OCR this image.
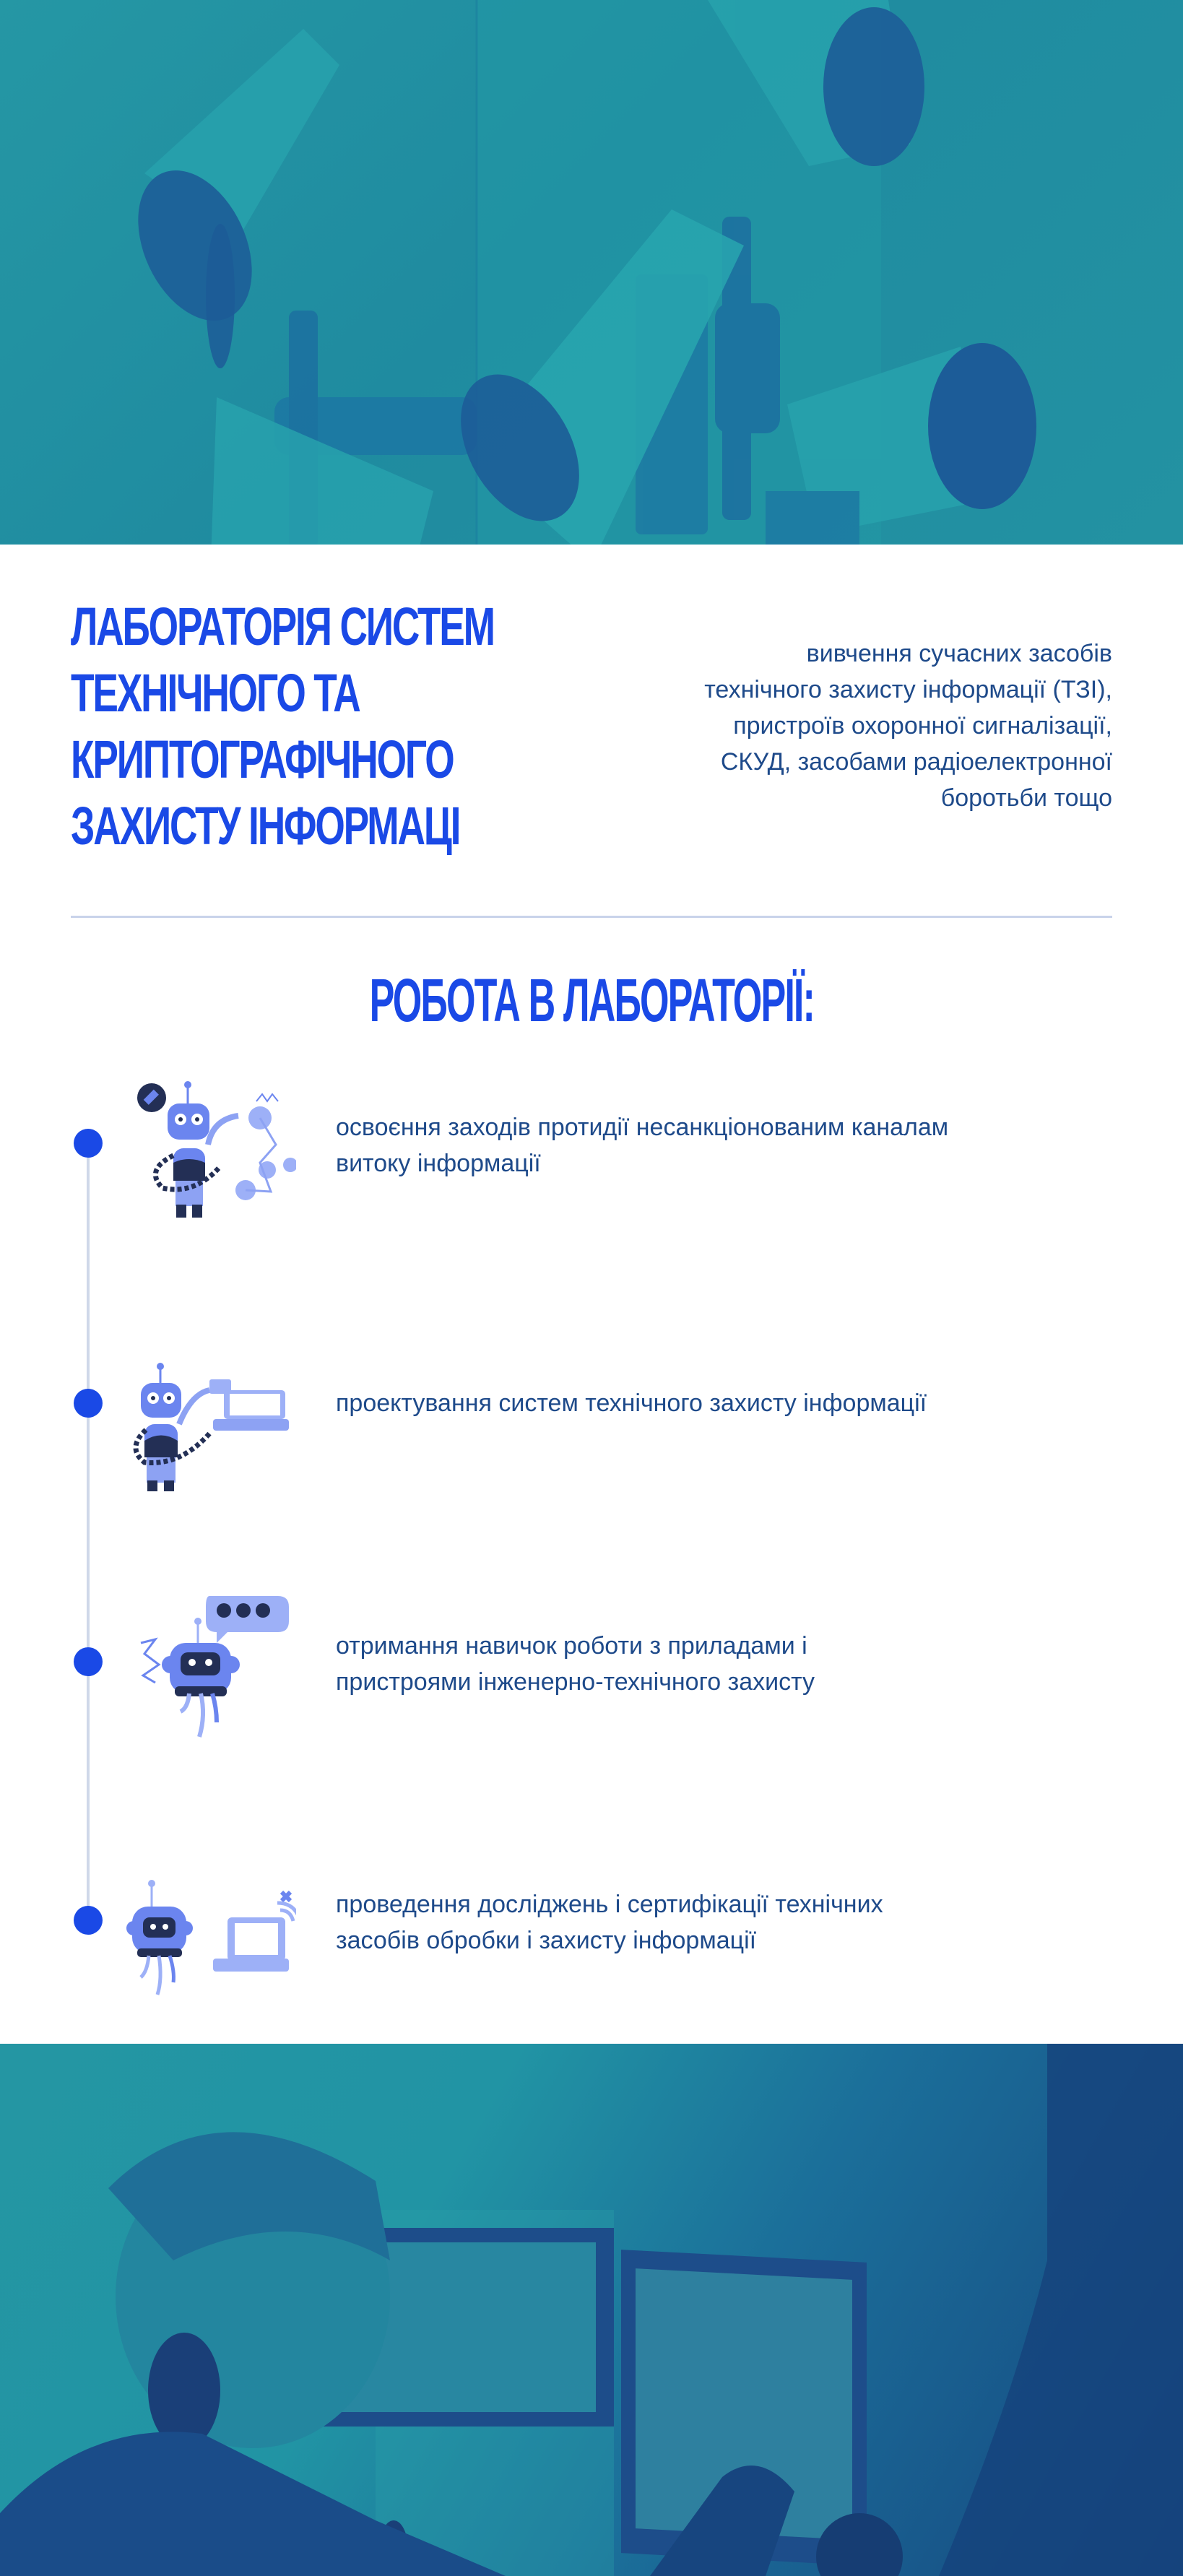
ЛАБОРАТОРІЯ СИСТЕМ
ТЕХНІЧНОГО ТА
КРИПТОГРАФІЧНОГО
ЗАХИСТУ ІНФОРМАЦІ

вивчення сучасних засобів
технічного захисту інформації (ТЗІ),
пристроїв охоронної сигналізації,
СКУД, засобами радіоелектронної
боротьби тощо

РОБОТА В ЛАБОРАТОРІЇ:

освоєння заходів протидії несанкціонованим каналам
витоку інформації

проектування систем технічного захисту інформації

отримання навичок роботи з приладами і
пристроями інженерно-технічного захисту

проведення досліджень і сертифікації технічних
засобів обробки і захисту інформації
